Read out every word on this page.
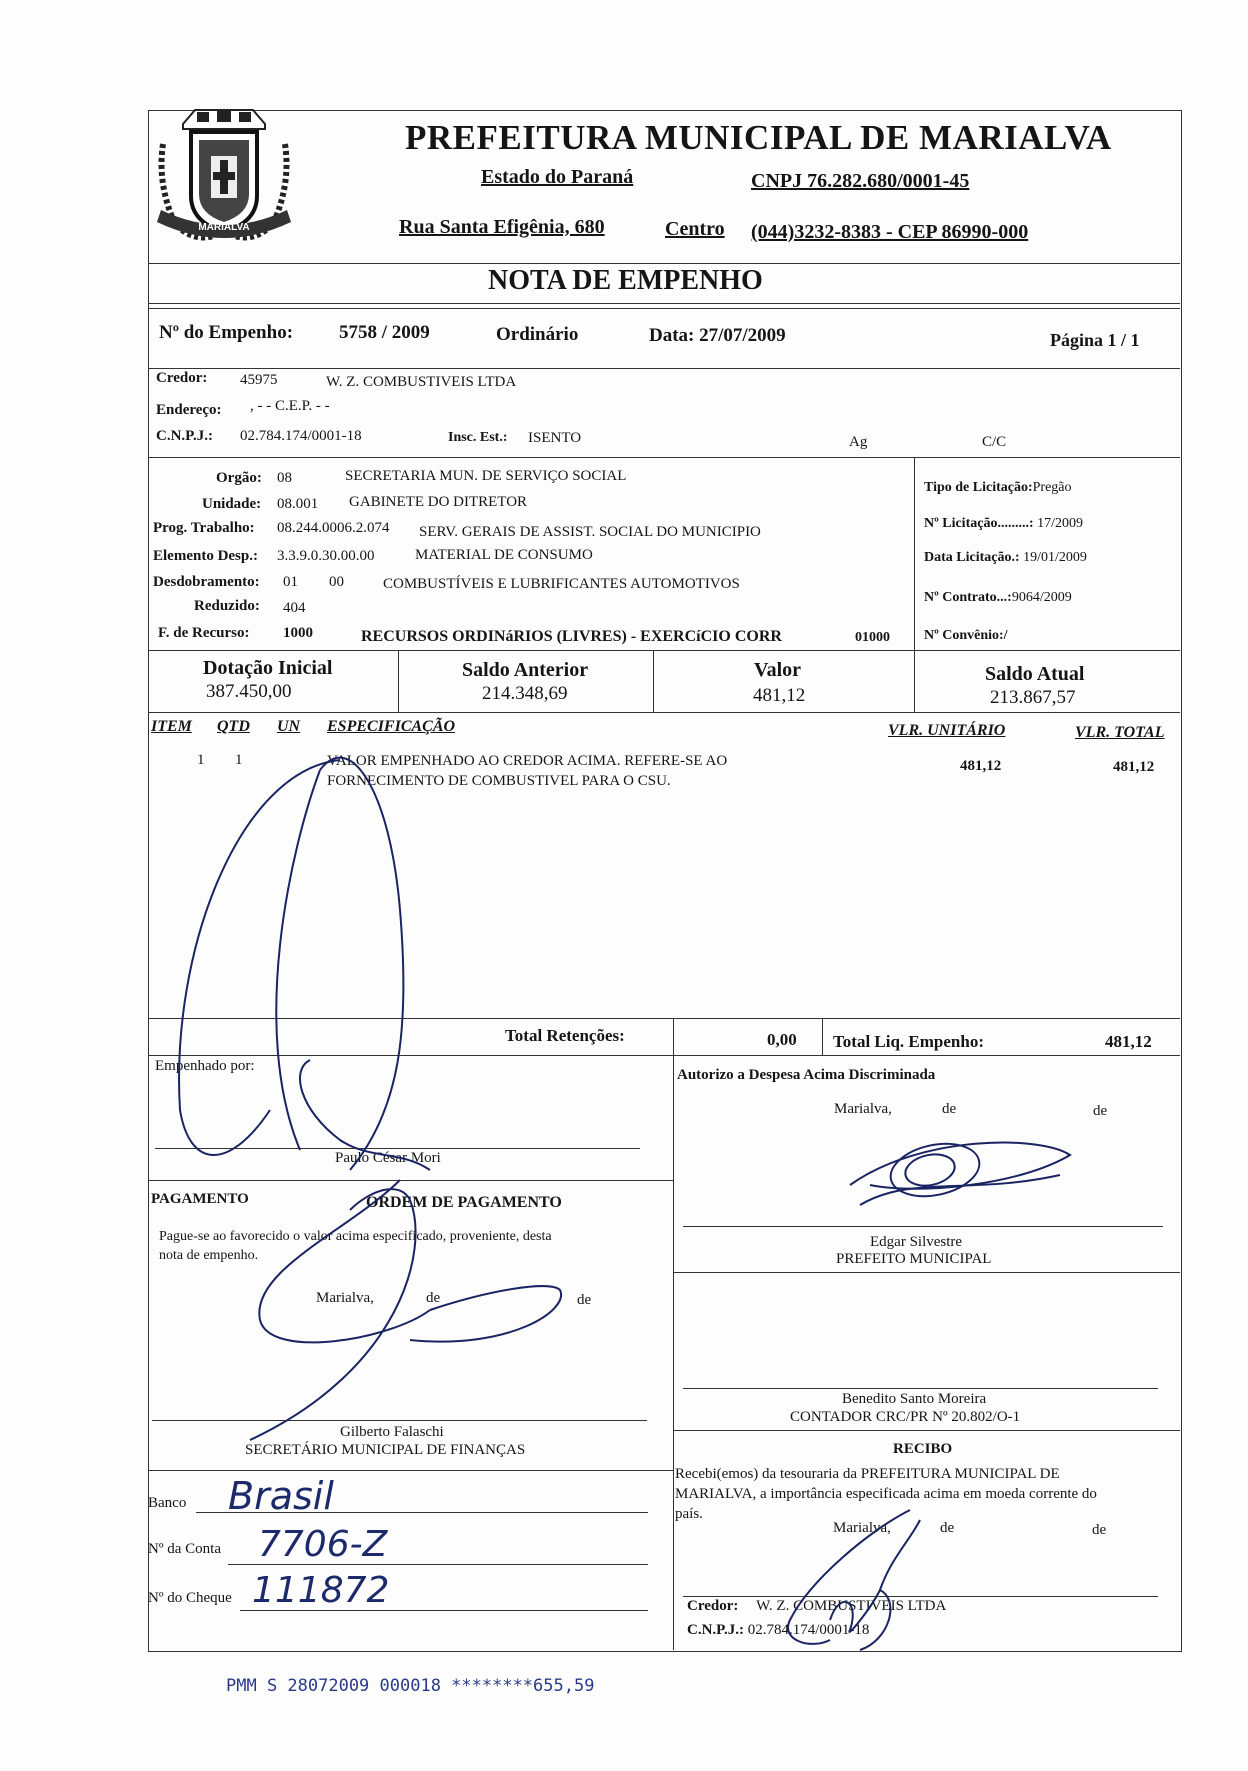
MARIALVA
PREFEITURA MUNICIPAL DE MARIALVA
Estado do Paraná	CNPJ 76.282.680/0001-45
Rua Santa Efigênia, 680	Centro (044)3232-8383 - CEP 86990-000
NOTA DE EMPENHO
Nº do Empenho: 5758 / 2009	Ordinário	Data: 27/07/2009	Página 1 / 1
Credor: 45975	W. Z. COMBUSTIVEIS LTDA
Endereço: , - - C.E.P. - -
C.N.P.J.: 02.784.174/0001-18	Insc. Est.: ISENTO	Ag	C/C
Orgão: 08	SECRETARIA MUN. DE SERVIÇO SOCIAL
Unidade: 08.001 GABINETE DO DITRETOR
Prog. Trabalho: 08.244.0006.2.074 SERV. GERAIS DE ASSIST. SOCIAL DO MUNICIPIO
Elemento Desp.: 3.3.9.0.30.00.00	MATERIAL DE CONSUMO
Desdobramento: 01 00	COMBUSTÍVEIS E LUBRIFICANTES AUTOMOTIVOS
Reduzido: 404
F. de Recurso: 1000	RECURSOS ORDINáRIOS (LIVRES) - EXERCíCIO CORR	01000
Tipo de Licitação:Pregão
Nº Licitação.........: 17/2009
Data Licitação.: 19/01/2009
Nº Contrato...:9064/2009
Nº Convênio:/
Dotação Inicial
387.450,00
Saldo Anterior
214.348,69
Valor
481,12
Saldo Atual
213.867,57
ITEM QTD UN ESPECIFICAÇÃO	VLR. UNITÁRIO	VLR. TOTAL
1 1	VALOR EMPENHADO AO CREDOR ACIMA. REFERE-SE AO
FORNECIMENTO DE COMBUSTIVEL PARA O CSU.
481,12	481,12
Total Retenções:	0,00 Total Liq. Empenho:	481,12
Empenhado por:
Paulo César Mori
Autorizo a Despesa Acima Discriminada
Marialva,	de	de
Edgar Silvestre
PREFEITO MUNICIPAL
PAGAMENTO	ORDEM DE PAGAMENTO
Pague-se ao favorecido o valor acima especificado, proveniente, desta
nota de empenho.
Marialva,	de	de
Gilberto Falaschi
SECRETÁRIO MUNICIPAL DE FINANÇAS
Benedito Santo Moreira
CONTADOR CRC/PR Nº 20.802/O-1
RECIBO
Recebi(emos) da tesouraria da PREFEITURA MUNICIPAL DE
MARIALVA, a importância especificada acima em moeda corrente do
país.
Marialva,	de	de
Credor: W. Z. COMBUSTIVEIS LTDA
C.N.P.J.: 02.784.174/0001-18
Banco Brasil
Nº da Conta 7706-Z
Nº do Cheque 111872
PMM S 28072009 000018 ********655,59
